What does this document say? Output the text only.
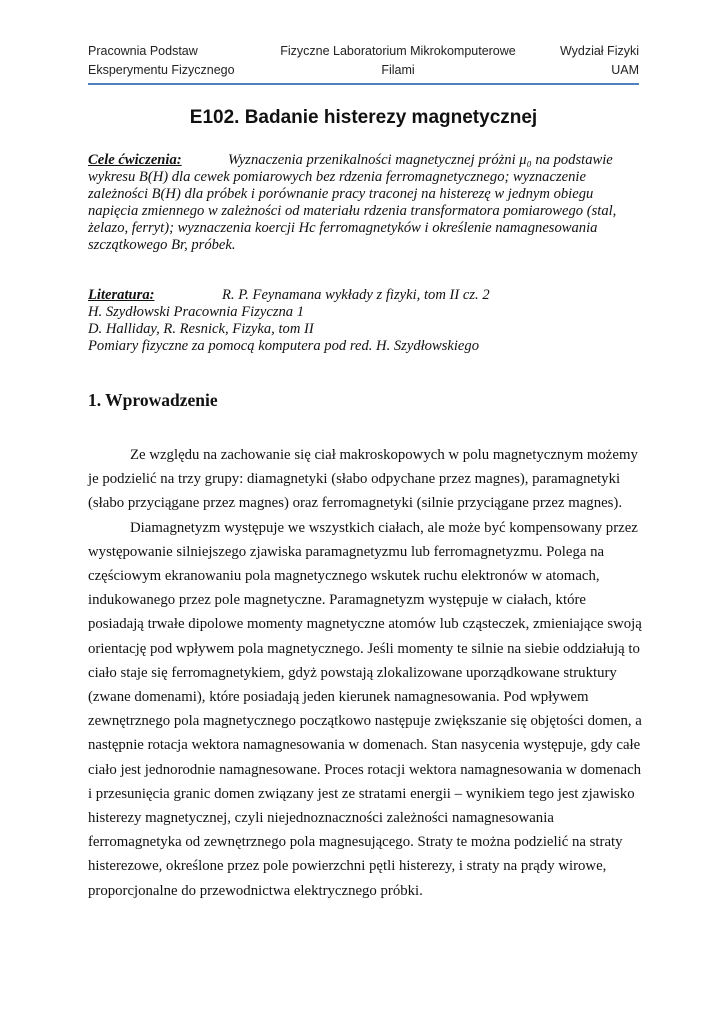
Pracownia Podstaw
Eksperymentu Fizycznego
Fizyczne Laboratorium Mikrokomputerowe
Filami
Wydział Fizyki
UAM
E102. Badanie histerezy magnetycznej

Cele ćwiczenia:	Wyznaczenia przenikalności magnetycznej próżni μ₀ na podstawie

wykresu B(H) dla cewek pomiarowych bez rdzenia ferromagnetycznego; wyznaczenie

zależności B(H) dla próbek i porównanie pracy traconej na histerezę w jednym obiegu

napięcia zmiennego w zależności od materiału rdzenia transformatora pomiarowego (stal,

żelazo, ferryt); wyznaczenia koercji Hc ferromagnetyków i określenie namagnesowania

szczątkowego Br, próbek.

Literatura:	R. P. Feynamana wykłady z fizyki, tom II cz. 2

H. Szydłowski Pracownia Fizyczna 1

D. Halliday, R. Resnick, Fizyka, tom II

Pomiary fizyczne za pomocą komputera pod red. H. Szydłowskiego

1. Wprowadzenie

Ze względu na zachowanie się ciał makroskopowych w polu magnetycznym możemy
je podzielić na trzy grupy: diamagnetyki (słabo odpychane przez magnes), paramagnetyki
(słabo przyciągane przez magnes) oraz ferromagnetyki (silnie przyciągane przez magnes).

Diamagnetyzm występuje we wszystkich ciałach, ale może być kompensowany przez
występowanie silniejszego zjawiska paramagnetyzmu lub ferromagnetyzmu. Polega na
częściowym ekranowaniu pola magnetycznego wskutek ruchu elektronów w atomach,
indukowanego przez pole magnetyczne. Paramagnetyzm występuje w ciałach, które
posiadają trwałe dipolowe momenty magnetyczne atomów lub cząsteczek, zmieniające swoją
orientację pod wpływem pola magnetycznego. Jeśli momenty te silnie na siebie oddziałują to
ciało staje się ferromagnetykiem, gdyż powstają zlokalizowane uporządkowane struktury
(zwane domenami), które posiadają jeden kierunek namagnesowania. Pod wpływem
zewnętrznego pola magnetycznego początkowo następuje zwiększanie się objętości domen, a
następnie rotacja wektora namagnesowania w domenach. Stan nasycenia występuje, gdy całe
ciało jest jednorodnie namagnesowane. Proces rotacji wektora namagnesowania w domenach
i przesunięcia granic domen związany jest ze stratami energii – wynikiem tego jest zjawisko
histerezy magnetycznej, czyli niejednoznaczności zależności namagnesowania
ferromagnetyka od zewnętrznego pola magnesującego. Straty te można podzielić na straty
histerezowe, określone przez pole powierzchni pętli histerezy, i straty na prądy wirowe,
proporcjonalne do przewodnictwa elektrycznego próbki.
